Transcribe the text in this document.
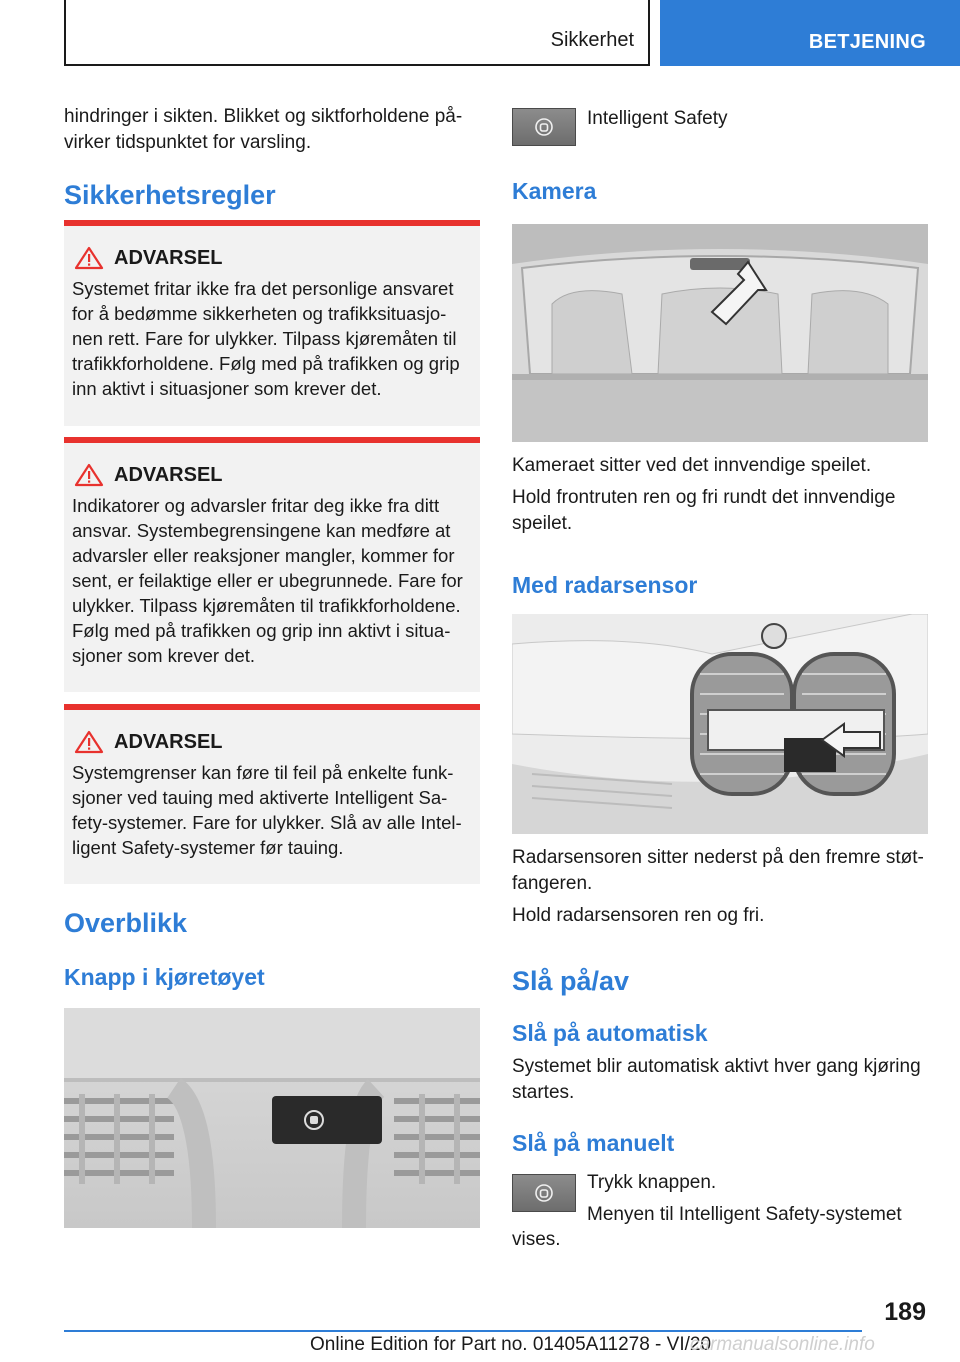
Sikkerhet	BETJENING
hindringer i sikten. Blikket og siktforholdene på-
virker tidspunktet for varsling.
Sikkerhetsregler
ADVARSEL
Systemet fritar ikke fra det personlige ansvaret for å bedømme sikkerheten og trafikksituasjo-nen rett. Fare for ulykker. Tilpass kjøremåten til trafikkforholdene. Følg med på trafikken og grip inn aktivt i situasjoner som krever det.
ADVARSEL
Indikatorer og advarsler fritar deg ikke fra ditt ansvar. Systembegrensingene kan medføre at advarsler eller reaksjoner mangler, kommer for sent, er feilaktige eller er ubegrunnede. Fare for ulykker. Tilpass kjøremåten til trafikkforholdene. Følg med på trafikken og grip inn aktivt i situa-sjoner som krever det.
ADVARSEL
Systemgrenser kan føre til feil på enkelte funk-sjoner ved tauing med aktiverte Intelligent Sa-fety-systemer. Fare for ulykker. Slå av alle Intel-ligent Safety-systemer før tauing.
Overblikk
Knapp i kjøretøyet
Intelligent Safety
Kamera
Kameraet sitter ved det innvendige speilet.
Hold frontruten ren og fri rundt det innvendige speilet.
Med radarsensor
Radarsensoren sitter nederst på den fremre støt-fangeren.
Hold radarsensoren ren og fri.
Slå på/av
Slå på automatisk
Systemet blir automatisk aktivt hver gang kjøring startes.
Slå på manuelt
Trykk knappen.
Menyen til Intelligent Safety-systemet
vises.
189
Online Edition for Part no. 01405A11278 - VI/20
carmanualsonline.info
